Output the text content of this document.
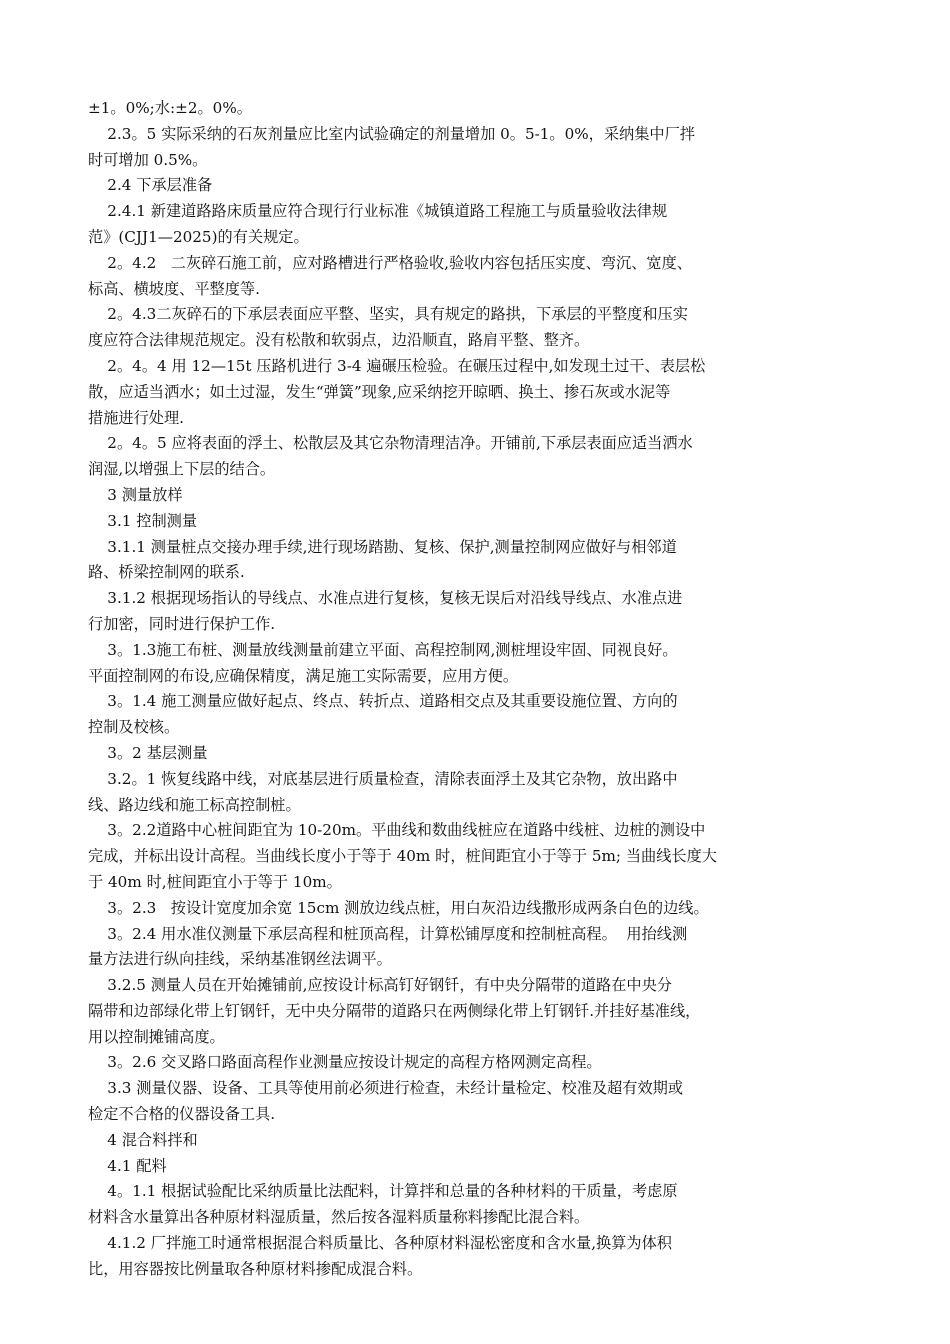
±1。0%;水:±2。0%。
2.3。5 实际采纳的石灰剂量应比室内试验确定的剂量增加 0。5-1。0%，采纳集中厂拌
时可增加 0.5%。
2.4 下承层准备
2.4.1 新建道路路床质量应符合现行行业标准《城镇道路工程施工与质量验收法律规
范》(CJJ1—2025)的有关规定。
2。4.2   二灰碎石施工前，应对路槽进行严格验收,验收内容包括压实度、弯沉、宽度、
标高、横坡度、平整度等.
2。4.3二灰碎石的下承层表面应平整、坚实，具有规定的路拱，下承层的平整度和压实
度应符合法律规范规定。没有松散和软弱点，边沿顺直，路肩平整、整齐。
2。4。4 用 12—15t 压路机进行 3-4 遍碾压检验。在碾压过程中,如发现土过干、表层松
散，应适当洒水；如土过湿，发生“弹簧”现象,应采纳挖开晾晒、换土、掺石灰或水泥等
措施进行处理.
2。4。5 应将表面的浮土、松散层及其它杂物清理洁净。开铺前,下承层表面应适当洒水
润湿,以增强上下层的结合。
3 测量放样
3.1 控制测量
3.1.1 测量桩点交接办理手续,进行现场踏勘、复核、保护,测量控制网应做好与相邻道
路、桥梁控制网的联系.
3.1.2 根据现场指认的导线点、水准点进行复核，复核无误后对沿线导线点、水准点进
行加密，同时进行保护工作.
3。1.3施工布桩、测量放线测量前建立平面、高程控制网,测桩埋设牢固、同视良好。
平面控制网的布设,应确保精度，满足施工实际需要，应用方便。
3。1.4 施工测量应做好起点、终点、转折点、道路相交点及其重要设施位置、方向的
控制及校核。
3。2 基层测量
3.2。1 恢复线路中线，对底基层进行质量检查，清除表面浮土及其它杂物，放出路中
线、路边线和施工标高控制桩。
3。2.2道路中心桩间距宜为 10-20m。平曲线和数曲线桩应在道路中线桩、边桩的测设中
完成，并标出设计高程。当曲线长度小于等于 40m 时，桩间距宜小于等于 5m; 当曲线长度大
于 40m 时,桩间距宜小于等于 10m。
3。2.3   按设计宽度加余宽 15cm 测放边线点桩，用白灰沿边线撒形成两条白色的边线。
3。2.4 用水准仪测量下承层高程和桩顶高程，计算松铺厚度和控制桩高程。  用抬线测
量方法进行纵向挂线，采纳基准钢丝法调平。
3.2.5 测量人员在开始摊铺前,应按设计标高钉好钢钎，有中央分隔带的道路在中央分
隔带和边部绿化带上钉钢钎，无中央分隔带的道路只在两侧绿化带上钉钢钎.并挂好基准线，
用以控制摊铺高度。
3。2.6 交叉路口路面高程作业测量应按设计规定的高程方格网测定高程。
3.3 测量仪器、设备、工具等使用前必须进行检查，未经计量检定、校准及超有效期或
检定不合格的仪器设备工具.
4 混合料拌和
4.1 配料
4。1.1 根据试验配比采纳质量比法配料，计算拌和总量的各种材料的干质量，考虑原
材料含水量算出各种原材料湿质量，然后按各湿料质量称料掺配比混合料。
4.1.2 厂拌施工时通常根据混合料质量比、各种原材料湿松密度和含水量,换算为体积
比，用容器按比例量取各种原材料掺配成混合料。
